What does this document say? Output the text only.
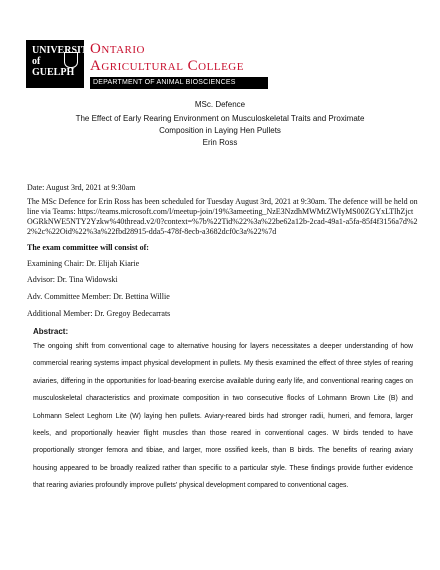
UNIVERSITY of GUELPH
Ontario
Agricultural College
DEPARTMENT OF ANIMAL BIOSCIENCES
MSc. Defence
The Effect of Early Rearing Environment on Musculoskeletal Traits and Proximate
Composition in Laying Hen Pullets
Erin Ross
Date: August 3rd, 2021 at 9:30am
The MSc Defence for Erin Ross has been scheduled for Tuesday August 3rd, 2021 at 9:30am. The defence will be held online via Teams: https://teams.microsoft.com/l/meetup-join/19%3ameeting_NzE3NzdhMWMtZWIyMS00ZGYxLTlhZjctOGRkNWE5NTY2Yzkw%40thread.v2/0?context=%7b%22Tid%22%3a%22be62a12b-2cad-49a1-a5fa-85f4f3156a7d%22%2c%22Oid%22%3a%22fbd28915-dda5-478f-8ecb-a3682dcf0c3a%22%7d
The exam committee will consist of:
Examining Chair: Dr. Elijah Kiarie
Advisor: Dr. Tina Widowski
Adv. Committee Member: Dr. Bettina Willie
Additional Member: Dr. Gregoy Bedecarrats
Abstract:
The ongoing shift from conventional cage to alternative housing for layers necessitates a deeper understanding of how commercial rearing systems impact physical development in pullets. My thesis examined the effect of three styles of rearing aviaries, differing in the opportunities for load-bearing exercise available during early life, and conventional rearing cages on musculoskeletal characteristics and proximate composition in two consecutive flocks of Lohmann Brown Lite (B) and Lohmann Select Leghorn Lite (W) laying hen pullets. Aviary-reared birds had stronger radii, humeri, and femora, larger keels, and proportionally heavier flight muscles than those reared in conventional cages. W birds tended to have proportionally stronger femora and tibiae, and larger, more ossified keels, than B birds. The benefits of rearing aviary housing appeared to be broadly realized rather than specific to a particular style. These findings provide further evidence that rearing aviaries profoundly improve pullets' physical development compared to conventional cages.
